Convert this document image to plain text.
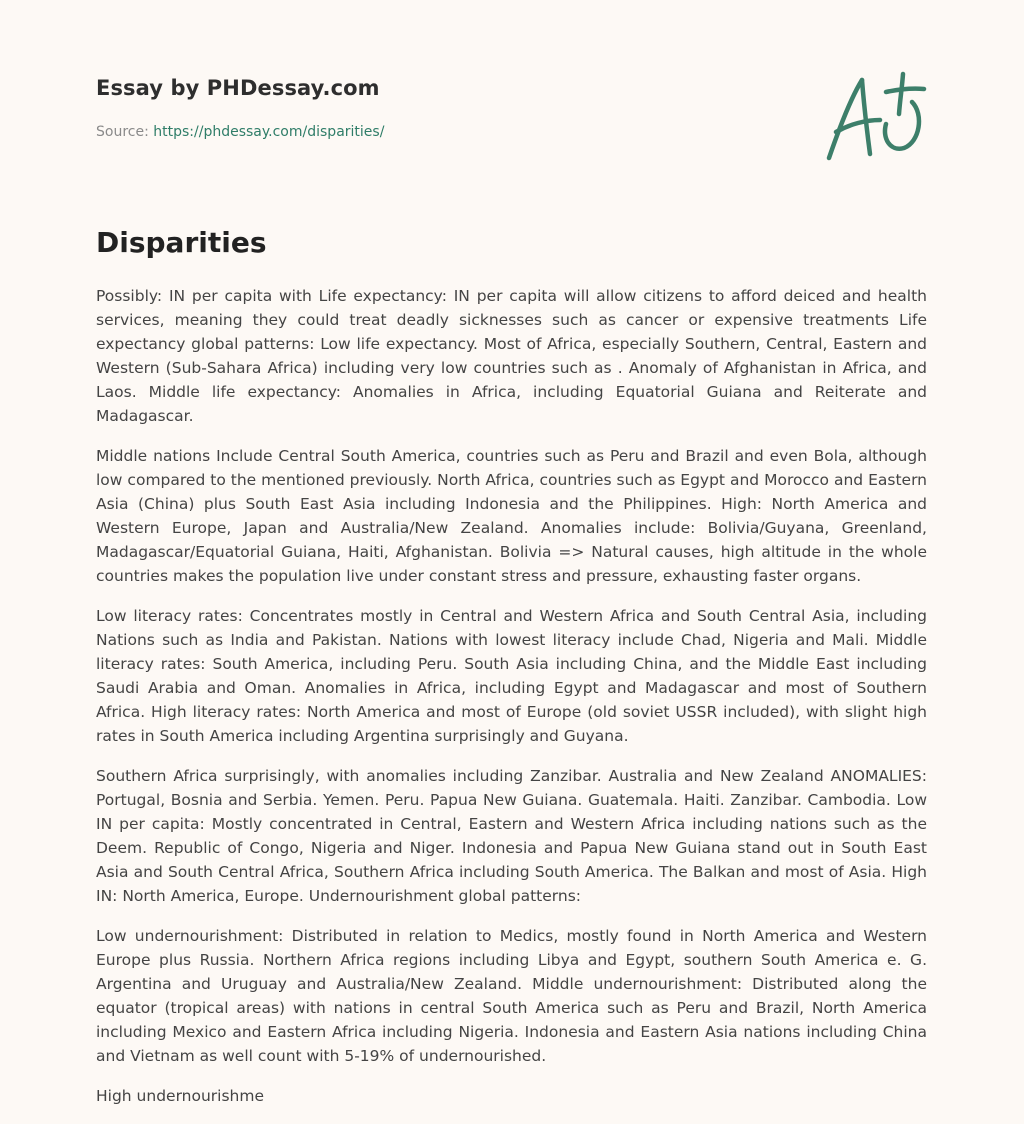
Essay by PHDessay.com

Source: https://phdessay.com/disparities/

Disparities

Possibly: IN per capita with Life expectancy: IN per capita will allow citizens to afford deiced and health services, meaning they could treat deadly sicknesses such as cancer or expensive treatments Life expectancy global patterns: Low life expectancy. Most of Africa, especially Southern, Central, Eastern and Western (Sub-Sahara Africa) including very low countries such as . Anomaly of Afghanistan in Africa, and Laos. Middle life expectancy: Anomalies in Africa, including Equatorial Guiana and Reiterate and Madagascar.

Middle nations Include Central South America, countries such as Peru and Brazil and even Bola, although low compared to the mentioned previously. North Africa, countries such as Egypt and Morocco and Eastern Asia (China) plus South East Asia including Indonesia and the Philippines. High: North America and Western Europe, Japan and Australia/New Zealand. Anomalies include: Bolivia/Guyana, Greenland, Madagascar/Equatorial Guiana, Haiti, Afghanistan. Bolivia => Natural causes, high altitude in the whole countries makes the population live under constant stress and pressure, exhausting faster organs.

Low literacy rates: Concentrates mostly in Central and Western Africa and South Central Asia, including Nations such as India and Pakistan. Nations with lowest literacy include Chad, Nigeria and Mali. Middle literacy rates: South America, including Peru. South Asia including China, and the Middle East including Saudi Arabia and Oman. Anomalies in Africa, including Egypt and Madagascar and most of Southern Africa. High literacy rates: North America and most of Europe (old soviet USSR included), with slight high rates in South America including Argentina surprisingly and Guyana.

Southern Africa surprisingly, with anomalies including Zanzibar. Australia and New Zealand ANOMALIES: Portugal, Bosnia and Serbia. Yemen. Peru. Papua New Guiana. Guatemala. Haiti. Zanzibar. Cambodia. Low IN per capita: Mostly concentrated in Central, Eastern and Western Africa including nations such as the Deem. Republic of Congo, Nigeria and Niger. Indonesia and Papua New Guiana stand out in South East Asia and South Central Africa, Southern Africa including South America. The Balkan and most of Asia. High IN: North America, Europe. Undernourishment global patterns:

Low undernourishment: Distributed in relation to Medics, mostly found in North America and Western Europe plus Russia. Northern Africa regions including Libya and Egypt, southern South America e. G. Argentina and Uruguay and Australia/New Zealand. Middle undernourishment: Distributed along the equator (tropical areas) with nations in central South America such as Peru and Brazil, North America including Mexico and Eastern Africa including Nigeria. Indonesia and Eastern Asia nations including China and Vietnam as well count with 5-19% of undernourished.

High undernourishme
